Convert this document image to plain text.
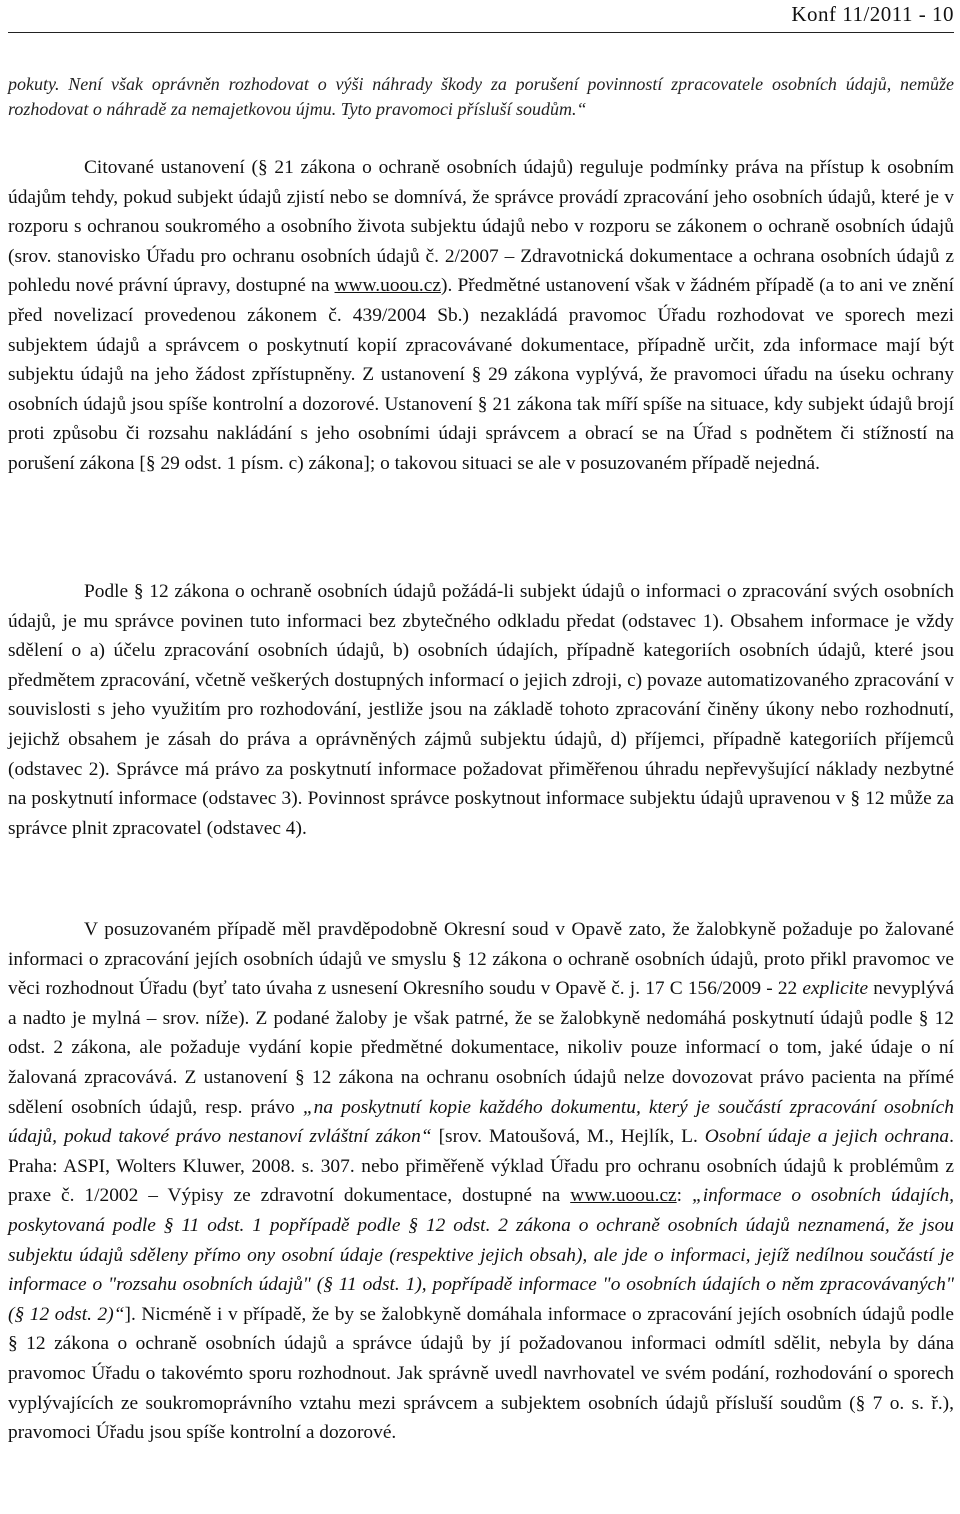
Konf 11/2011 - 10
pokuty. Není však oprávněn rozhodovat o výši náhrady škody za porušení povinností zpracovatele osobních údajů, nemůže rozhodovat o náhradě za nemajetkovou újmu. Tyto pravomoci přísluší soudům.“

Citované ustanovení (§ 21 zákona o ochraně osobních údajů) reguluje podmínky práva na přístup k osobním údajům tehdy, pokud subjekt údajů zjistí nebo se domnívá, že správce provádí zpracování jeho osobních údajů, které je v rozporu s ochranou soukromého a osobního života subjektu údajů nebo v rozporu se zákonem o ochraně osobních údajů (srov. stanovisko Úřadu pro ochranu osobních údajů č. 2/2007 – Zdravotnická dokumentace a ochrana osobních údajů z pohledu nové právní úpravy, dostupné na www.uoou.cz). Předmětné ustanovení však v žádném případě (a to ani ve znění před novelizací provedenou zákonem č. 439/2004 Sb.) nezakládá pravomoc Úřadu rozhodovat ve sporech mezi subjektem údajů a správcem o poskytnutí kopií zpracovávané dokumentace, případně určit, zda informace mají být subjektu údajů na jeho žádost zpřístupněny. Z ustanovení § 29 zákona vyplývá, že pravomoci úřadu na úseku ochrany osobních údajů jsou spíše kontrolní a dozorové. Ustanovení § 21 zákona tak míří spíše na situace, kdy subjekt údajů brojí proti způsobu či rozsahu nakládání s jeho osobními údaji správcem a obrací se na Úřad s podnětem či stížností na porušení zákona [§ 29 odst. 1 písm. c) zákona]; o takovou situaci se ale v posuzovaném případě nejedná.

Podle § 12 zákona o ochraně osobních údajů požádá-li subjekt údajů o informaci o zpracování svých osobních údajů, je mu správce povinen tuto informaci bez zbytečného odkladu předat (odstavec 1). Obsahem informace je vždy sdělení o a) účelu zpracování osobních údajů, b) osobních údajích, případně kategoriích osobních údajů, které jsou předmětem zpracování, včetně veškerých dostupných informací o jejich zdroji, c) povaze automatizovaného zpracování v souvislosti s jeho využitím pro rozhodování, jestliže jsou na základě tohoto zpracování činěny úkony nebo rozhodnutí, jejichž obsahem je zásah do práva a oprávněných zájmů subjektu údajů, d) příjemci, případně kategoriích příjemců (odstavec 2). Správce má právo za poskytnutí informace požadovat přiměřenou úhradu nepřevyšující náklady nezbytné na poskytnutí informace (odstavec 3). Povinnost správce poskytnout informace subjektu údajů upravenou v § 12 může za správce plnit zpracovatel (odstavec 4).

V posuzovaném případě měl pravděpodobně Okresní soud v Opavě zato, že žalobkyně požaduje po žalované informaci o zpracování jejích osobních údajů ve smyslu § 12 zákona o ochraně osobních údajů, proto přikl pravomoc ve věci rozhodnout Úřadu (byť tato úvaha z usnesení Okresního soudu v Opavě č. j. 17 C 156/2009 - 22 explicite nevyplývá a nadto je mylná – srov. níže). Z podané žaloby je však patrné, že se žalobkyně nedomáhá poskytnutí údajů podle § 12 odst. 2 zákona, ale požaduje vydání kopie předmětné dokumentace, nikoliv pouze informací o tom, jaké údaje o ní žalovaná zpracovává. Z ustanovení § 12 zákona na ochranu osobních údajů nelze dovozovat právo pacienta na přímé sdělení osobních údajů, resp. právo „na poskytnutí kopie každého dokumentu, který je součástí zpracování osobních údajů, pokud takové právo nestanoví zvláštní zákon“ [srov. Matoušová, M., Hejlík, L. Osobní údaje a jejich ochrana. Praha: ASPI, Wolters Kluwer, 2008. s. 307. nebo přiměřeně výklad Úřadu pro ochranu osobních údajů k problémům z praxe č. 1/2002 – Výpisy ze zdravotní dokumentace, dostupné na www.uoou.cz: „informace o osobních údajích, poskytovaná podle § 11 odst. 1 popřípadě podle § 12 odst. 2 zákona o ochraně osobních údajů neznamená, že jsou subjektu údajů sděleny přímo ony osobní údaje (respektive jejich obsah), ale jde o informaci, jejíž nedílnou součástí je informace o "rozsahu osobních údajů" (§ 11 odst. 1), popřípadě informace "o osobních údajích o něm zpracovávaných" (§ 12 odst. 2)“]. Nicméně i v případě, že by se žalobkyně domáhala informace o zpracování jejích osobních údajů podle § 12 zákona o ochraně osobních údajů a správce údajů by jí požadovanou informaci odmítl sdělit, nebyla by dána pravomoc Úřadu o takovémto sporu rozhodnout. Jak správně uvedl navrhovatel ve svém podání, rozhodování o sporech vyplývajících ze soukromoprávního vztahu mezi správcem a subjektem osobních údajů přísluší soudům (§ 7 o. s. ř.), pravomoci Úřadu jsou spíše kontrolní a dozorové.
